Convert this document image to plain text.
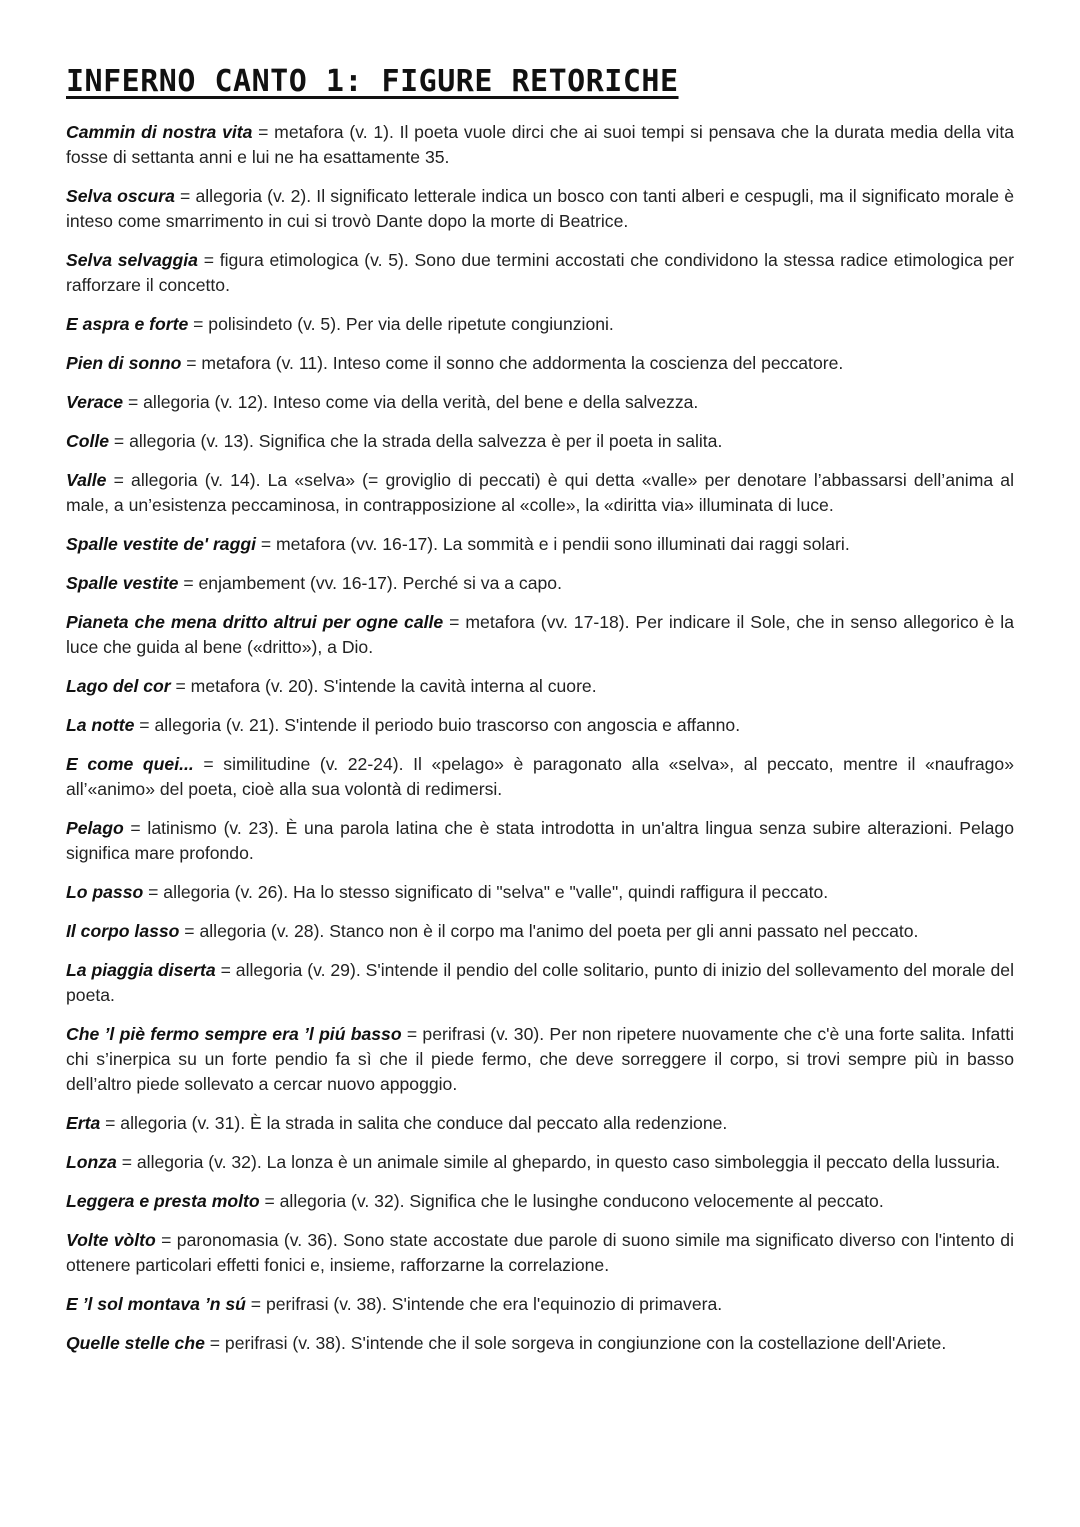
INFERNO CANTO 1: FIGURE RETORICHE

Cammin di nostra vita = metafora (v. 1). Il poeta vuole dirci che ai suoi tempi si pensava che la durata media della vita fosse di settanta anni e lui ne ha esattamente 35.

Selva oscura = allegoria (v. 2). Il significato letterale indica un bosco con tanti alberi e cespugli, ma il significato morale è inteso come smarrimento in cui si trovò Dante dopo la morte di Beatrice.

Selva selvaggia = figura etimologica (v. 5). Sono due termini accostati che condividono la stessa radice etimologica per rafforzare il concetto.

E aspra e forte = polisindeto (v. 5). Per via delle ripetute congiunzioni.

Pien di sonno = metafora (v. 11). Inteso come il sonno che addormenta la coscienza del peccatore.

Verace = allegoria (v. 12). Inteso come via della verità, del bene e della salvezza.

Colle = allegoria (v. 13). Significa che la strada della salvezza è per il poeta in salita.

Valle = allegoria (v. 14). La «selva» (= groviglio di peccati) è qui detta «valle» per denotare l’abbassarsi dell’anima al male, a un’esistenza peccaminosa, in contrapposizione al «colle», la «diritta via» illuminata di luce.

Spalle vestite de' raggi = metafora (vv. 16-17). La sommità e i pendii sono illuminati dai raggi solari.

Spalle vestite = enjambement (vv. 16-17). Perché si va a capo.

Pianeta che mena dritto altrui per ogne calle = metafora (vv. 17-18). Per indicare il Sole, che in senso allegorico è la luce che guida al bene («dritto»), a Dio.

Lago del cor = metafora (v. 20). S'intende la cavità interna al cuore.

La notte = allegoria (v. 21). S'intende il periodo buio trascorso con angoscia e affanno.

E come quei... = similitudine (v. 22-24). Il «pelago» è paragonato alla «selva», al peccato, mentre il «naufrago» all’«animo» del poeta, cioè alla sua volontà di redimersi.

Pelago = latinismo (v. 23). È una parola latina che è stata introdotta in un'altra lingua senza subire alterazioni. Pelago significa mare profondo.

Lo passo = allegoria (v. 26). Ha lo stesso significato di "selva" e "valle", quindi raffigura il peccato.

Il corpo lasso = allegoria (v. 28). Stanco non è il corpo ma l'animo del poeta per gli anni passato nel peccato.

La piaggia diserta = allegoria (v. 29). S'intende il pendio del colle solitario, punto di inizio del sollevamento del morale del poeta.

Che ’l piè fermo sempre era ’l piú basso = perifrasi (v. 30). Per non ripetere nuovamente che c'è una forte salita. Infatti chi s’inerpica su un forte pendio fa sì che il piede fermo, che deve sorreggere il corpo, si trovi sempre più in basso dell’altro piede sollevato a cercar nuovo appoggio.

Erta = allegoria (v. 31). È la strada in salita che conduce dal peccato alla redenzione.

Lonza = allegoria (v. 32). La lonza è un animale simile al ghepardo, in questo caso simboleggia il peccato della lussuria.

Leggera e presta molto = allegoria (v. 32). Significa che le lusinghe conducono velocemente al peccato.

Volte vòlto = paronomasia (v. 36). Sono state accostate due parole di suono simile ma significato diverso con l'intento di ottenere particolari effetti fonici e, insieme, rafforzarne la correlazione.

E ’l sol montava ’n sú = perifrasi (v. 38). S'intende che era l'equinozio di primavera.

Quelle stelle che = perifrasi (v. 38). S'intende che il sole sorgeva in congiunzione con la costellazione dell'Ariete.
